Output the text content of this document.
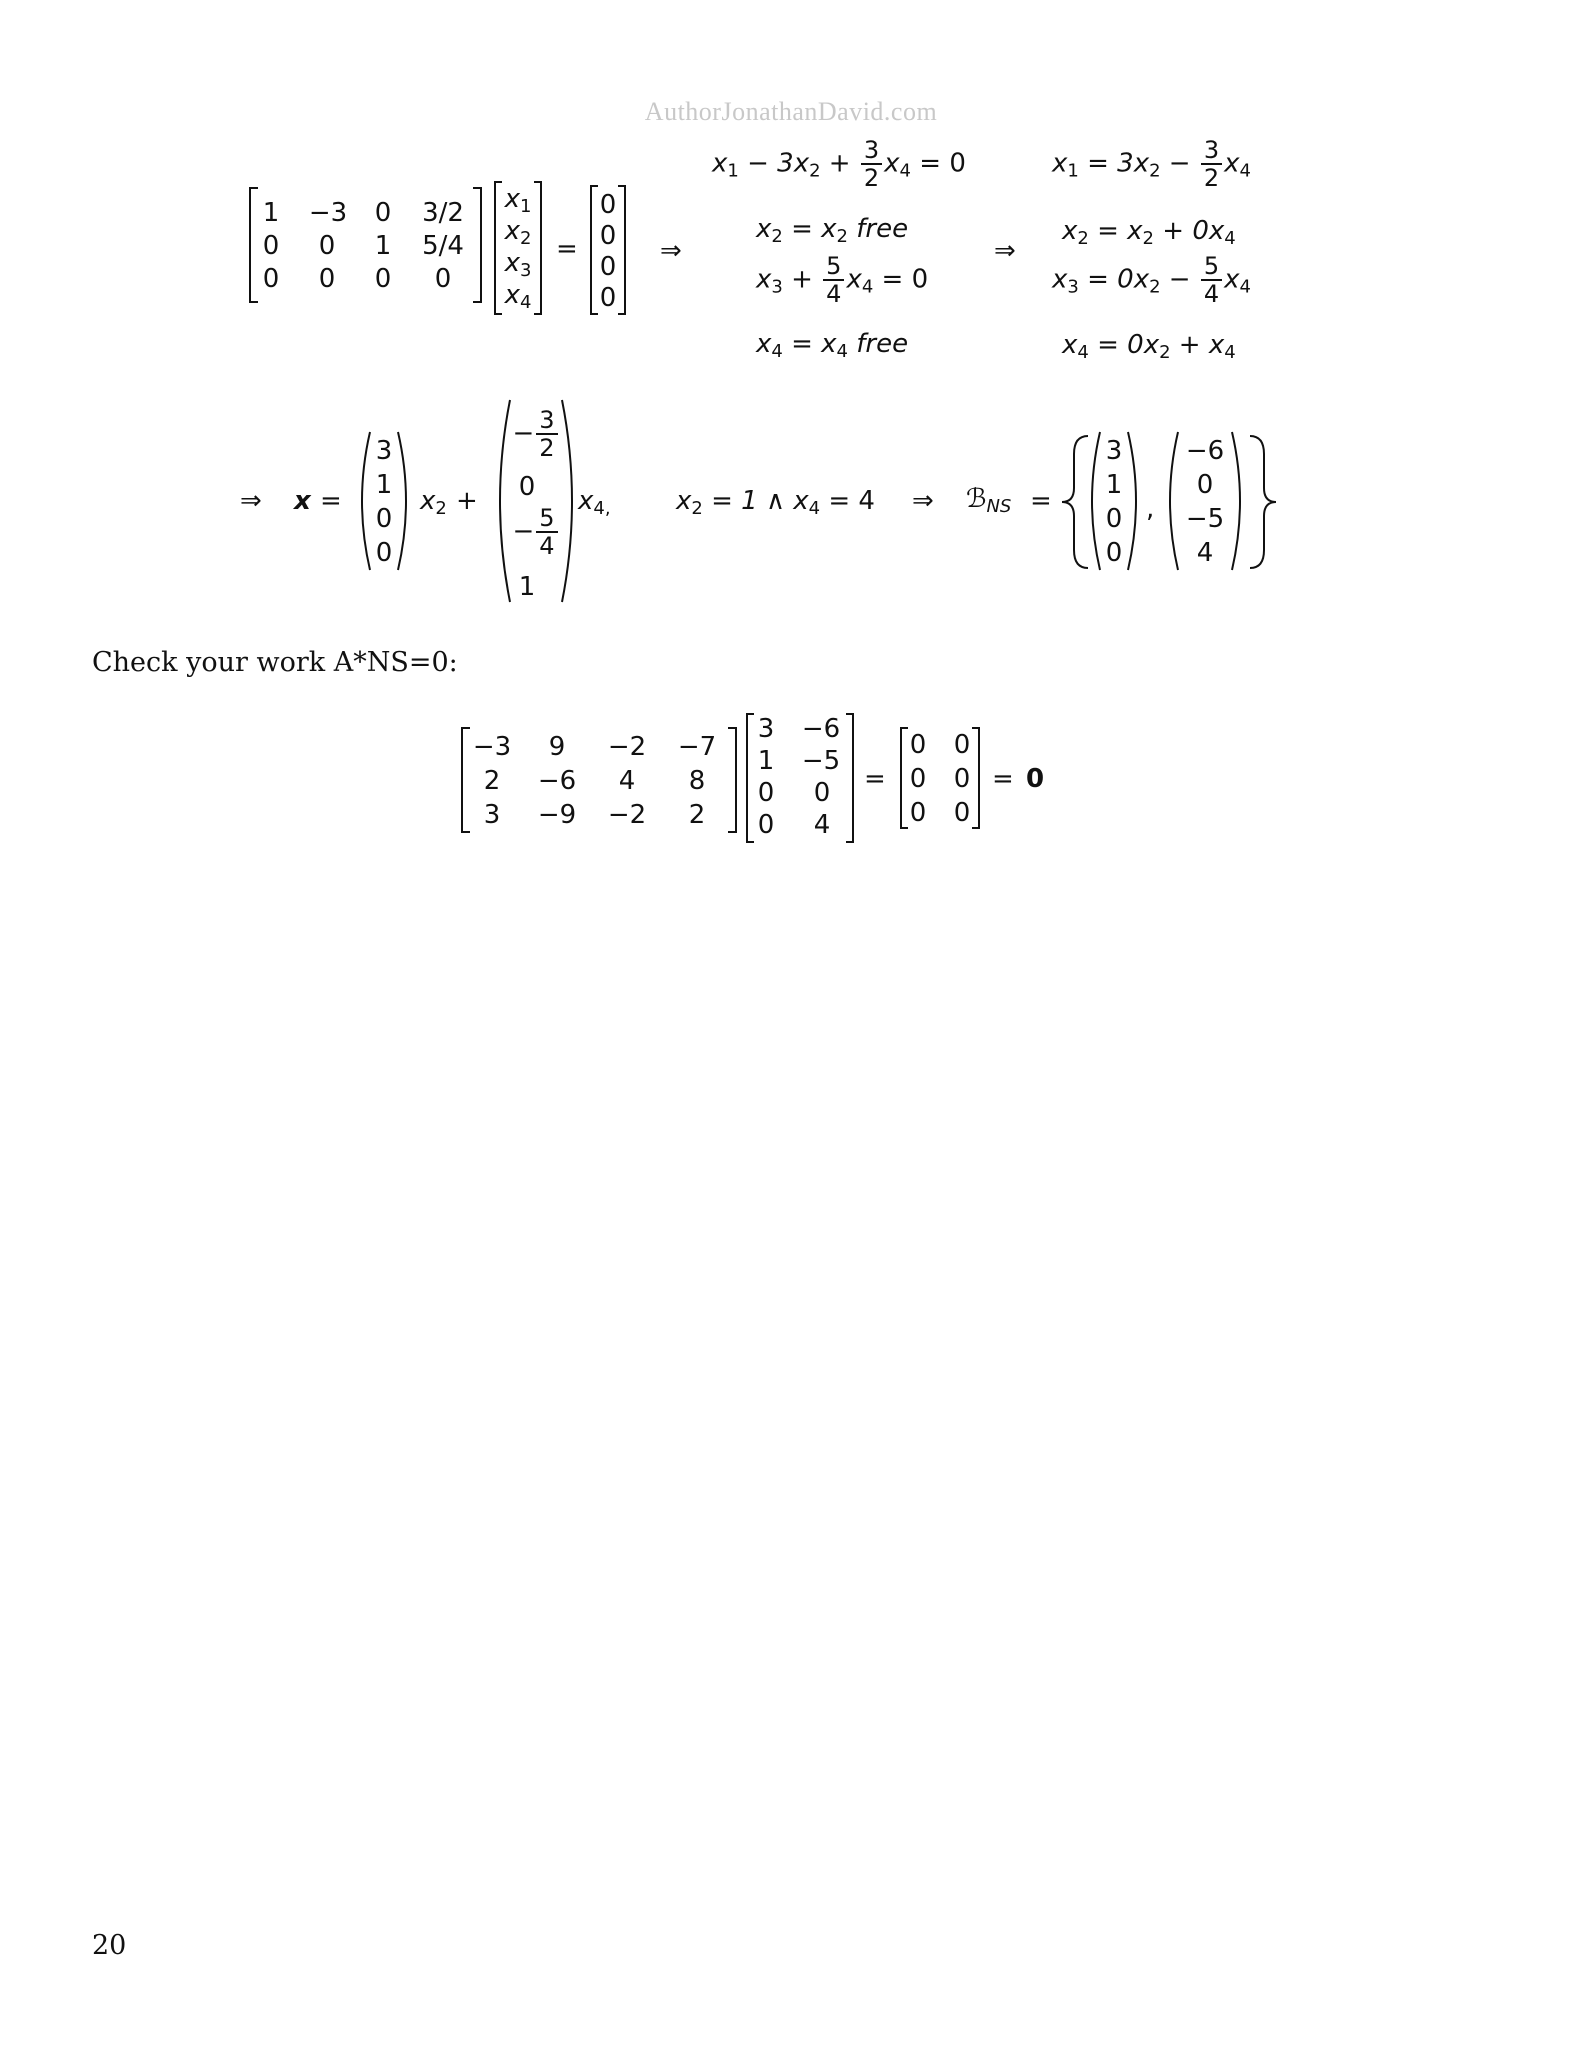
AuthorJonathanDavid.com
1 −3 0	3/2
0 0 1	5/4
0 0 0 0
$x_1$
$x_2$
$x_3$
$x_4$
=
0
0
0
0
⇒
$x_1 - 3x_2 + \frac{3}{2} x_4 = 0$
$x_2 = x_2$ free
$x_3 + \frac{5}{4} x_4 = 0$
$x_4 = x_4$ free
⇒
$x_1 = 3x_2 - \frac{3}{2} x_4$
$x_2 = x_2 + 0x_4$
$x_3 = 0x_2 - \frac{5}{4} x_4$
$x_4 = 0x_2 + x_4$
⇒ x =
3
1
0
0
$x_2$ +
− $\frac{3}{2}$
0
− $\frac{5}{4}$
1
$x_{4,}$	$x_2 = 1$ ∧ $x_4 = 4$ ⇒ ℬ$_{NS}$ =
3
1
0
0
,
−6
0
−5
4
Check your work A*NS=0:
−3	9	−2 −7
2	−6	4	8
3	−9 −2	2
3 −6
1 −5
0	0
0	4
=
0 0
0 0
0 0
= 0
20
